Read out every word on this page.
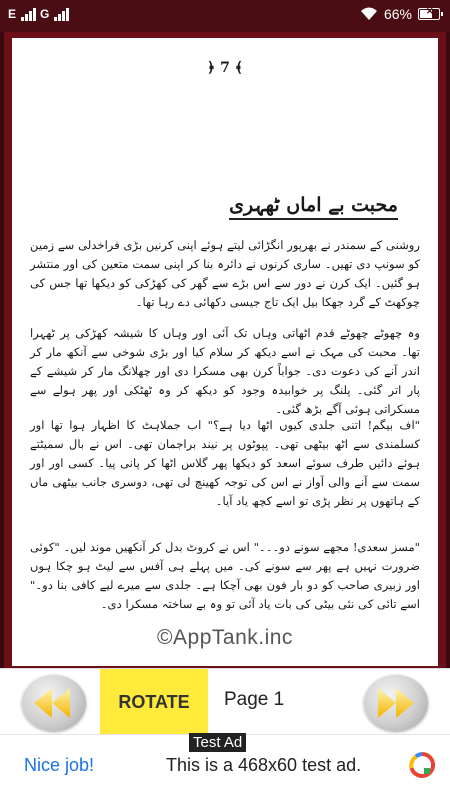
E G	66% ✕
﴿ 7 ﴾
محبت بے اماں ٹھہری
روشنی کے سمندر نے بھرپور انگڑائی لیتے ہوئے اپنی کرنیں بڑی فراخدلی سے زمین کو سونپ دی تھیں۔ ساری کرنوں نے دائرہ بنا کر اپنی سمت متعین کی اور منتشر ہو گئیں۔ ایک کرن نے دور سے اس بڑے سے گھر کی کھڑکی کو دیکھا تھا جس کی چوکھٹ کے گرد جھکا بیل ایک تاج جیسی دکھائی دے رہا تھا۔
وہ چھوٹے چھوٹے قدم اٹھاتی وہاں تک آئی اور وہاں کا شیشہ کھڑکی پر ٹھہرا تھا۔ محبت کی مہک نے اسے دیکھ کر سلام کیا اور بڑی شوخی سے آنکھ مار کر اندر آنے کی دعوت دی۔ جواباً کرن بھی مسکرا دی اور چھلانگ مار کر شیشے کے پار اتر گئی۔ پلنگ پر خوابیدہ وجود کو دیکھ کر وہ ٹھٹکی اور پھر ہولے سے مسکراتی ہوئی آگے بڑھ گئی۔
"اف بیگم! اتنی جلدی کیوں اٹھا دیا ہے؟" اب جملاہٹ کا اظہار ہوا تھا اور کسلمندی سے اٹھ بیٹھی تھی۔ پپوٹوں پر نیند براجمان تھی۔ اس نے بال سمیٹتے ہوئے دائیں طرف سوئے اسعد کو دیکھا پھر گلاس اٹھا کر پانی پیا۔ کسی اور اور سمت سے آنے والی آواز نے اس کی توجہ کھینچ لی تھی، دوسری جانب بیٹھی ماں کے ہاتھوں پر نظر پڑی تو اسے کچھ یاد آیا۔
"مسز سعدی! مجھے سونے دو۔۔۔" اس نے کروٹ بدل کر آنکھیں موند لیں۔ "کوئی ضرورت نہیں ہے پھر سے سونے کی۔ میں پہلے ہی آفس سے لیٹ ہو چکا ہوں اور زبیری صاحب کو دو بار فون بھی آچکا ہے۔ جلدی سے میرے لیے کافی بنا دو۔" اسے تائی کی نئی بیٹی کی بات یاد آئی تو وہ بے ساختہ مسکرا دی۔
©AppTank.inc
ROTATE	Page 1
Nice job!	This is a 468x60 test ad.
Test Ad
